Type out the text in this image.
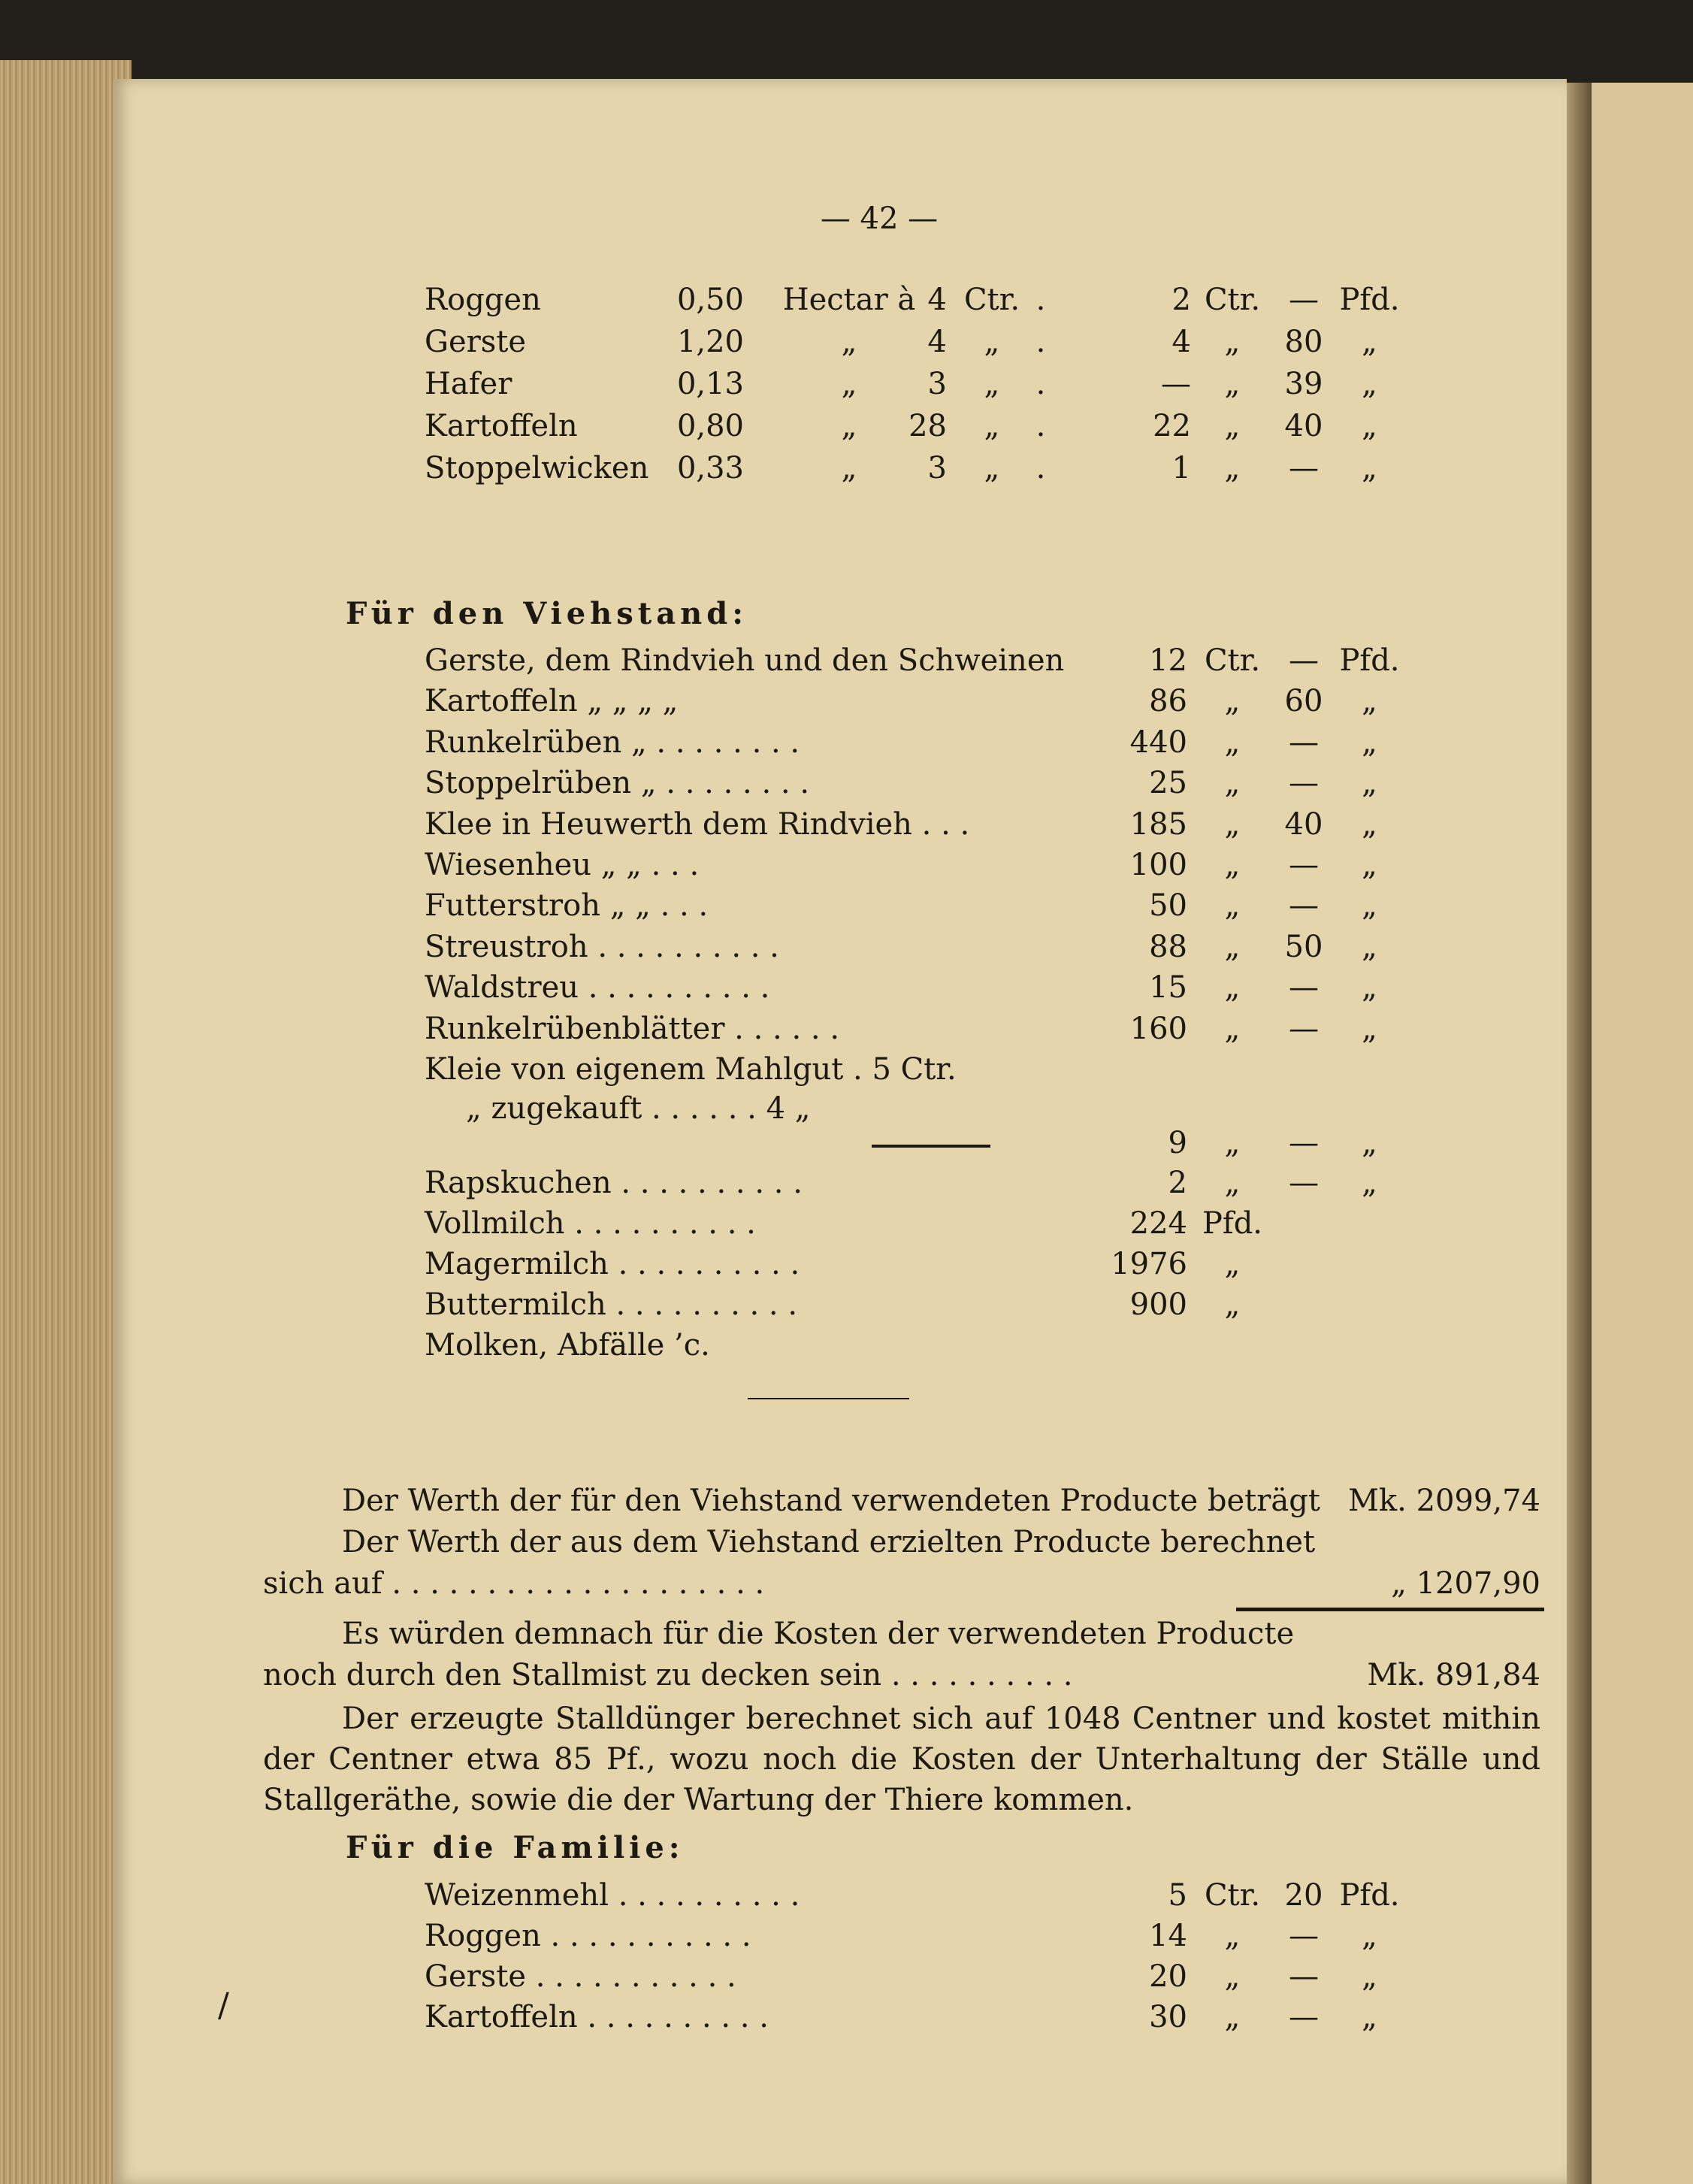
— 42 —
Roggen	0,50	Hectar à 4 Ctr. .	2 Ctr. — Pfd.
Gerste	1,20	„	4	„	.	4	„	80	„
Hafer	0,13	„	3	„	.	—	„	39	„
Kartoffeln	0,80	„	28	„	.	22	„	40	„
Stoppelwicken 0,33	„	3	„	.	1	„	—	„
Für den Viehstand:
Gerste, dem Rindvieh und den Schweinen	12 Ctr. — Pfd.
Kartoffeln „ „ „ „	86	„	60	„
Runkelrüben „ . . . . . . . .	440	„	—	„
Stoppelrüben „ . . . . . . . .	25	„	—	„
Klee in Heuwerth dem Rindvieh . . .	185	„	40	„
Wiesenheu „ „ . . .	100	„	—	„
Futterstroh „ „ . . .	50	„	—	„
Streustroh . . . . . . . . . .	88	„	50	„
Waldstreu . . . . . . . . . .	15	„	—	„
Runkelrübenblätter . . . . . .	160	„	—	„
Kleie von eigenem Mahlgut . 5 Ctr.
„ zugekauft . . . . . . 4 „
9	„	—	„
Rapskuchen . . . . . . . . . .	2	„	—	„
Vollmilch . . . . . . . . . .	224 Pfd.
Magermilch . . . . . . . . . .	1976	„
Buttermilch . . . . . . . . . .	900	„
Molken, Abfälle ’c.
Der Werth der für den Viehstand verwendeten Producte beträgt Mk. 2099,74
Der Werth der aus dem Viehstand erzielten Producte berechnet
sich auf . . . . . . . . . . . . . . . . . . . .	„ 1207,90
Es würden demnach für die Kosten der verwendeten Producte
noch durch den Stallmist zu decken sein . . . . . . . . . .	Mk. 891,84
Der erzeugte Stalldünger berechnet sich auf 1048 Centner und kostet mithin der Centner etwa 85 Pf., wozu noch die Kosten der Unterhaltung der Ställe und Stallgeräthe, sowie die der Wartung der Thiere kommen.
Für die Familie:
Weizenmehl . . . . . . . . . .	5 Ctr. 20 Pfd.
Roggen . . . . . . . . . . .	14	„	—	„
Gerste . . . . . . . . . . .	20	„	—	„
Kartoffeln . . . . . . . . . .	30	„	—	„
/
